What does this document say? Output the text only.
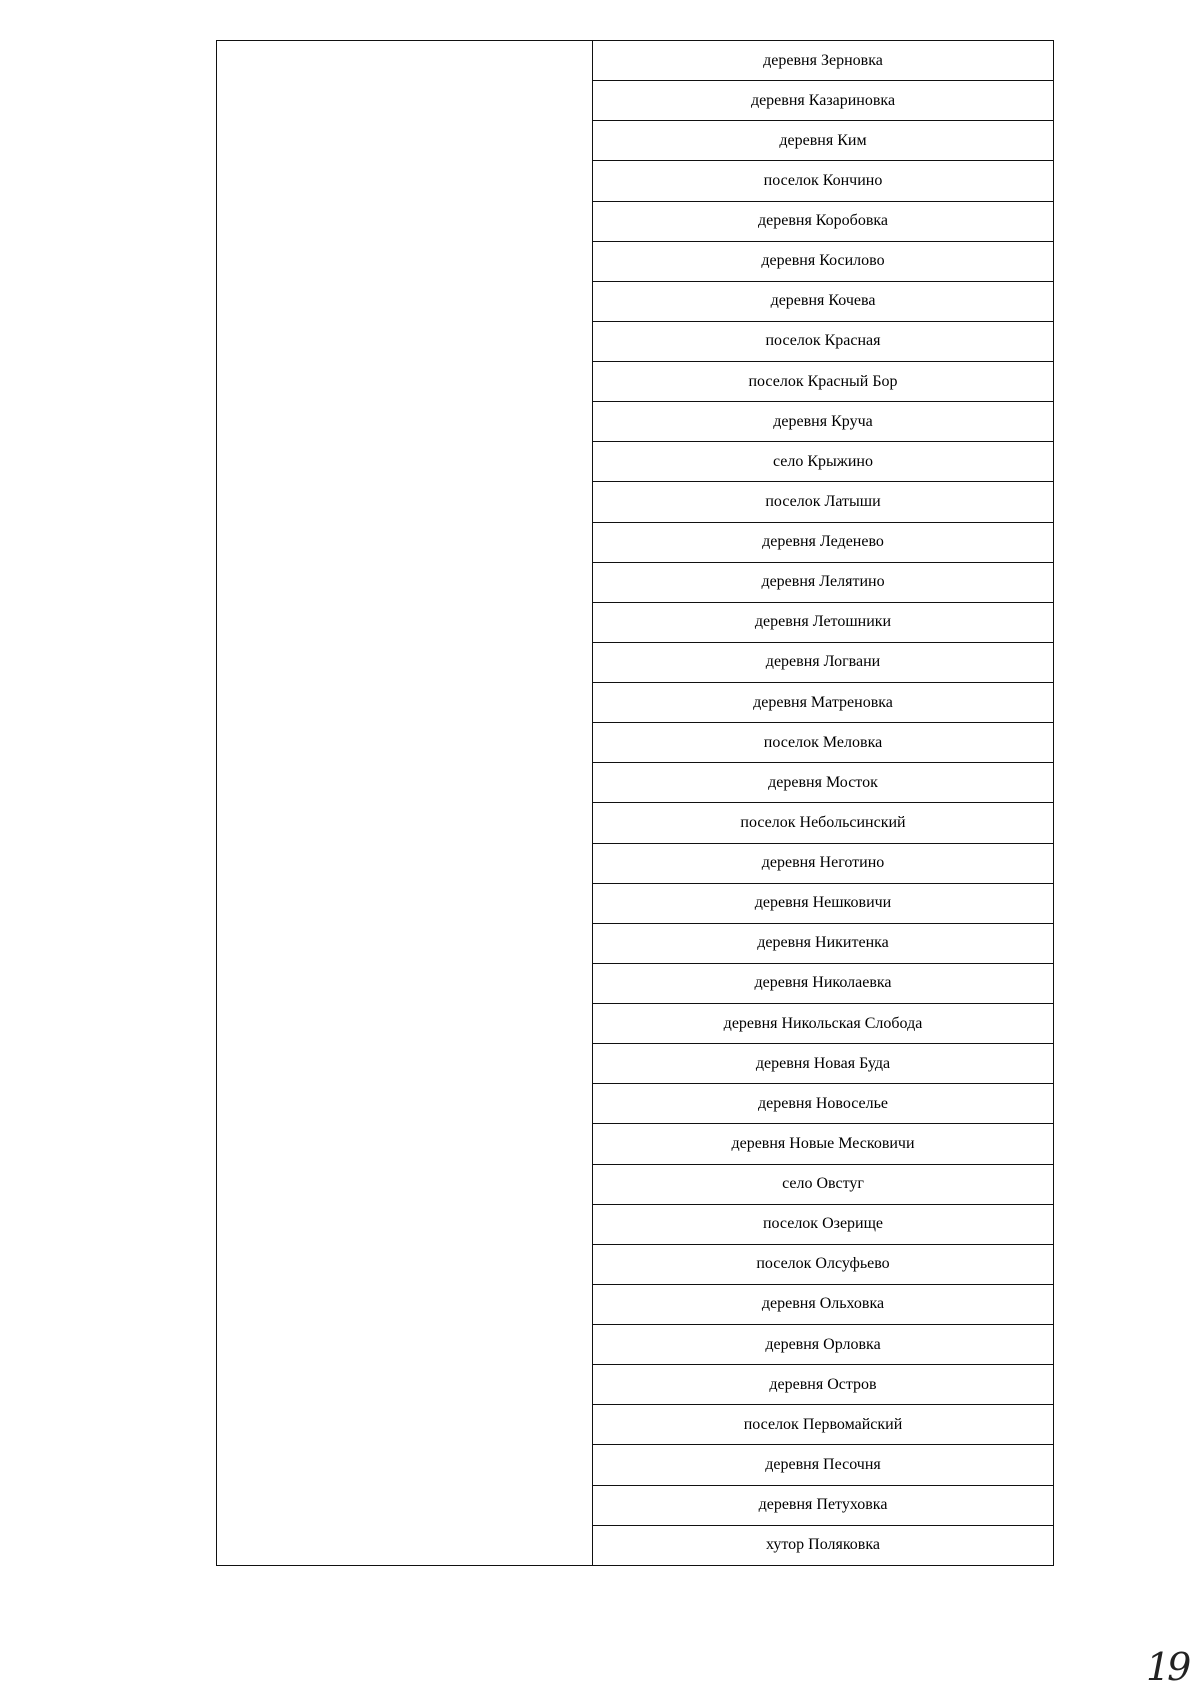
	деревня Зерновка
деревня Казариновка
деревня Ким
поселок Кончино
деревня Коробовка
деревня Косилово
деревня Кочева
поселок Красная
поселок Красный Бор
деревня Круча
село Крыжино
поселок Латыши
деревня Леденево
деревня Лелятино
деревня Летошники
деревня Логвани
деревня Матреновка
поселок Меловка
деревня Мосток
поселок Небольсинский
деревня Неготино
деревня Нешковичи
деревня Никитенка
деревня Николаевка
деревня Никольская Слобода
деревня Новая Буда
деревня Новоселье
деревня Новые Месковичи
село Овстуг
поселок Озерище
поселок Олсуфьево
деревня Ольховка
деревня Орловка
деревня Остров
поселок Первомайский
деревня Песочня
деревня Петуховка
хутор Поляковка
19
